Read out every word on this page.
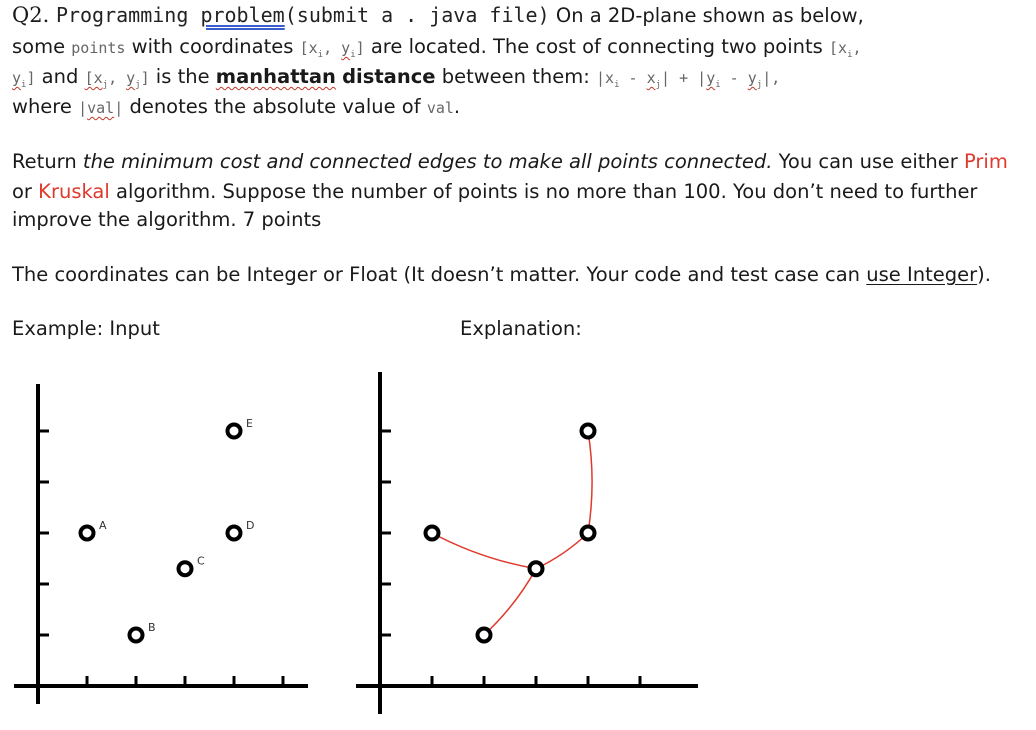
Q2. Programming problem(submit a . java file) On a 2D-plane shown as below,
some points with coordinates [$x_i$, $y_i$] are located. The cost of connecting two points [$x_i$,
$y_i$] and [$x_j$, $y_j$] is the manhattan distance between them: $|x_i - x_j| + |y_i - y_j|$,
where |val| denotes the absolute value of val.
Return the minimum cost and connected edges to make all points connected. You can use either Prim
or Kruskal algorithm. Suppose the number of points is no more than 100. You don’t need to further
improve the algorithm. 7 points
The coordinates can be Integer or Float (It doesn’t matter. Your code and test case can use Integer).
Example: Input	Explanation:
A
B
C
D
E
